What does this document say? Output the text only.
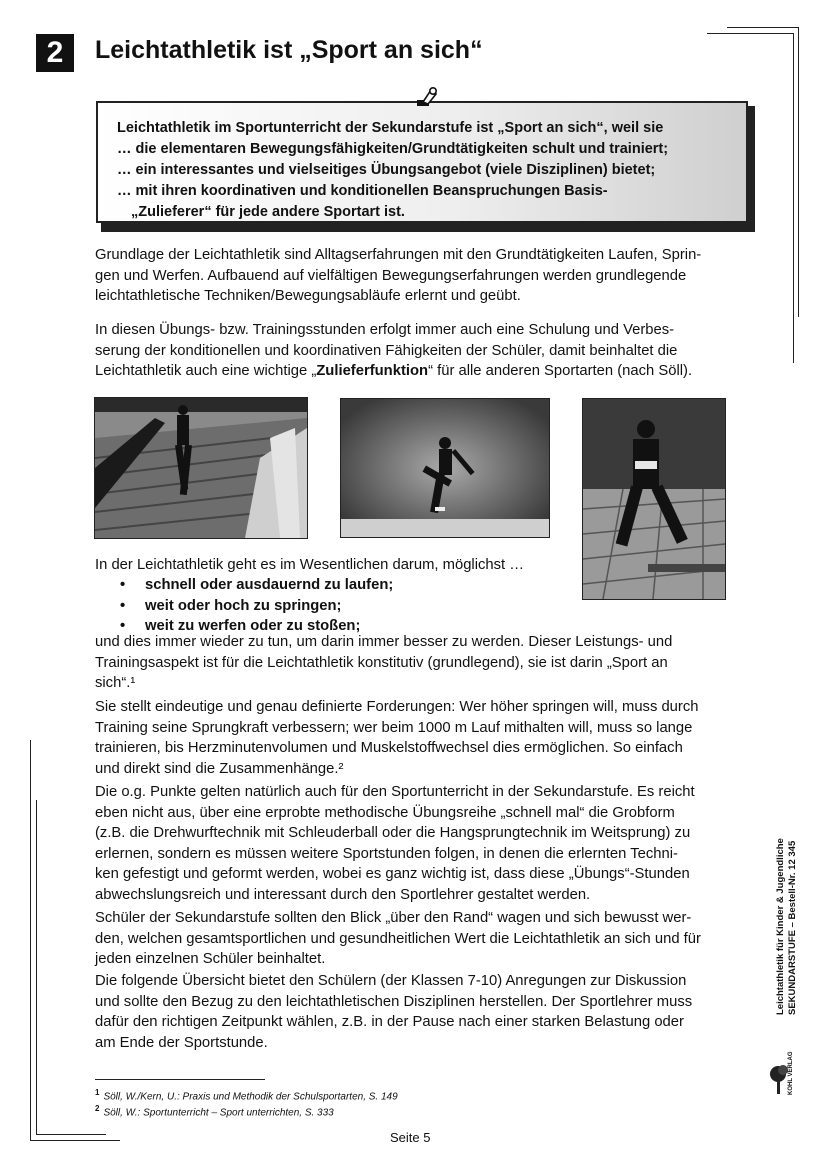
2	Leichtathletik ist „Sport an sich“
Leichtathletik im Sportunterricht der Sekundarstufe ist „Sport an sich“, weil sie
… die elementaren Bewegungsfähigkeiten/Grundtätigkeiten schult und trainiert;
… ein interessantes und vielseitiges Übungsangebot (viele Disziplinen) bietet;
… mit ihren koordinativen und konditionellen Beanspruchungen Basis-
„Zulieferer“ für jede andere Sportart ist.
Grundlage der Leichtathletik sind Alltagserfahrungen mit den Grundtätigkeiten Laufen, Sprin-
gen und Werfen. Aufbauend auf vielfältigen Bewegungserfahrungen werden grundlegende
leichtathletische Techniken/Bewegungsabläufe erlernt und geübt.
In diesen Übungs- bzw. Trainingsstunden erfolgt immer auch eine Schulung und Verbes-
serung der konditionellen und koordinativen Fähigkeiten der Schüler, damit beinhaltet die
Leichtathletik auch eine wichtige „Zulieferfunktion“ für alle anderen Sportarten (nach Söll).
In der Leichtathletik geht es im Wesentlichen darum, möglichst …
• schnell oder ausdauernd zu laufen;
• weit oder hoch zu springen;
• weit zu werfen oder zu stoßen;
und dies immer wieder zu tun, um darin immer besser zu werden. Dieser Leistungs- und
Trainingsaspekt ist für die Leichtathletik konstitutiv (grundlegend), sie ist darin „Sport an
sich“.¹
Sie stellt eindeutige und genau definierte Forderungen: Wer höher springen will, muss durch
Training seine Sprungkraft verbessern; wer beim 1000 m Lauf mithalten will, muss so lange
trainieren, bis Herzminutenvolumen und Muskelstoffwechsel dies ermöglichen. So einfach
und direkt sind die Zusammenhänge.²
Die o.g. Punkte gelten natürlich auch für den Sportunterricht in der Sekundarstufe. Es reicht
eben nicht aus, über eine erprobte methodische Übungsreihe „schnell mal“ die Grobform
(z.B. die Drehwurftechnik mit Schleuderball oder die Hangsprungtechnik im Weitsprung) zu
erlernen, sondern es müssen weitere Sportstunden folgen, in denen die erlernten Techni-
ken gefestigt und geformt werden, wobei es ganz wichtig ist, dass diese „Übungs“-Stunden
abwechslungsreich und interessant durch den Sportlehrer gestaltet werden.
Schüler der Sekundarstufe sollten den Blick „über den Rand“ wagen und sich bewusst wer-
den, welchen gesamtsportlichen und gesundheitlichen Wert die Leichtathletik an sich und für
jeden einzelnen Schüler beinhaltet.
Die folgende Übersicht bietet den Schülern (der Klassen 7-10) Anregungen zur Diskussion
und sollte den Bezug zu den leichtathletischen Disziplinen herstellen. Der Sportlehrer muss
dafür den richtigen Zeitpunkt wählen, z.B. in der Pause nach einer starken Belastung oder
am Ende der Sportstunde.
$^1$ Söll, W./Kern, U.: Praxis und Methodik der Schulsportarten, S. 149
$^2$ Söll, W.: Sportunterricht – Sport unterrichten, S. 333
Seite 5
Leichtathletik für Kinder & Jugendliche SEKUNDARSTUFE – Bestell-Nr. 12 345
KOHL VERLAG
